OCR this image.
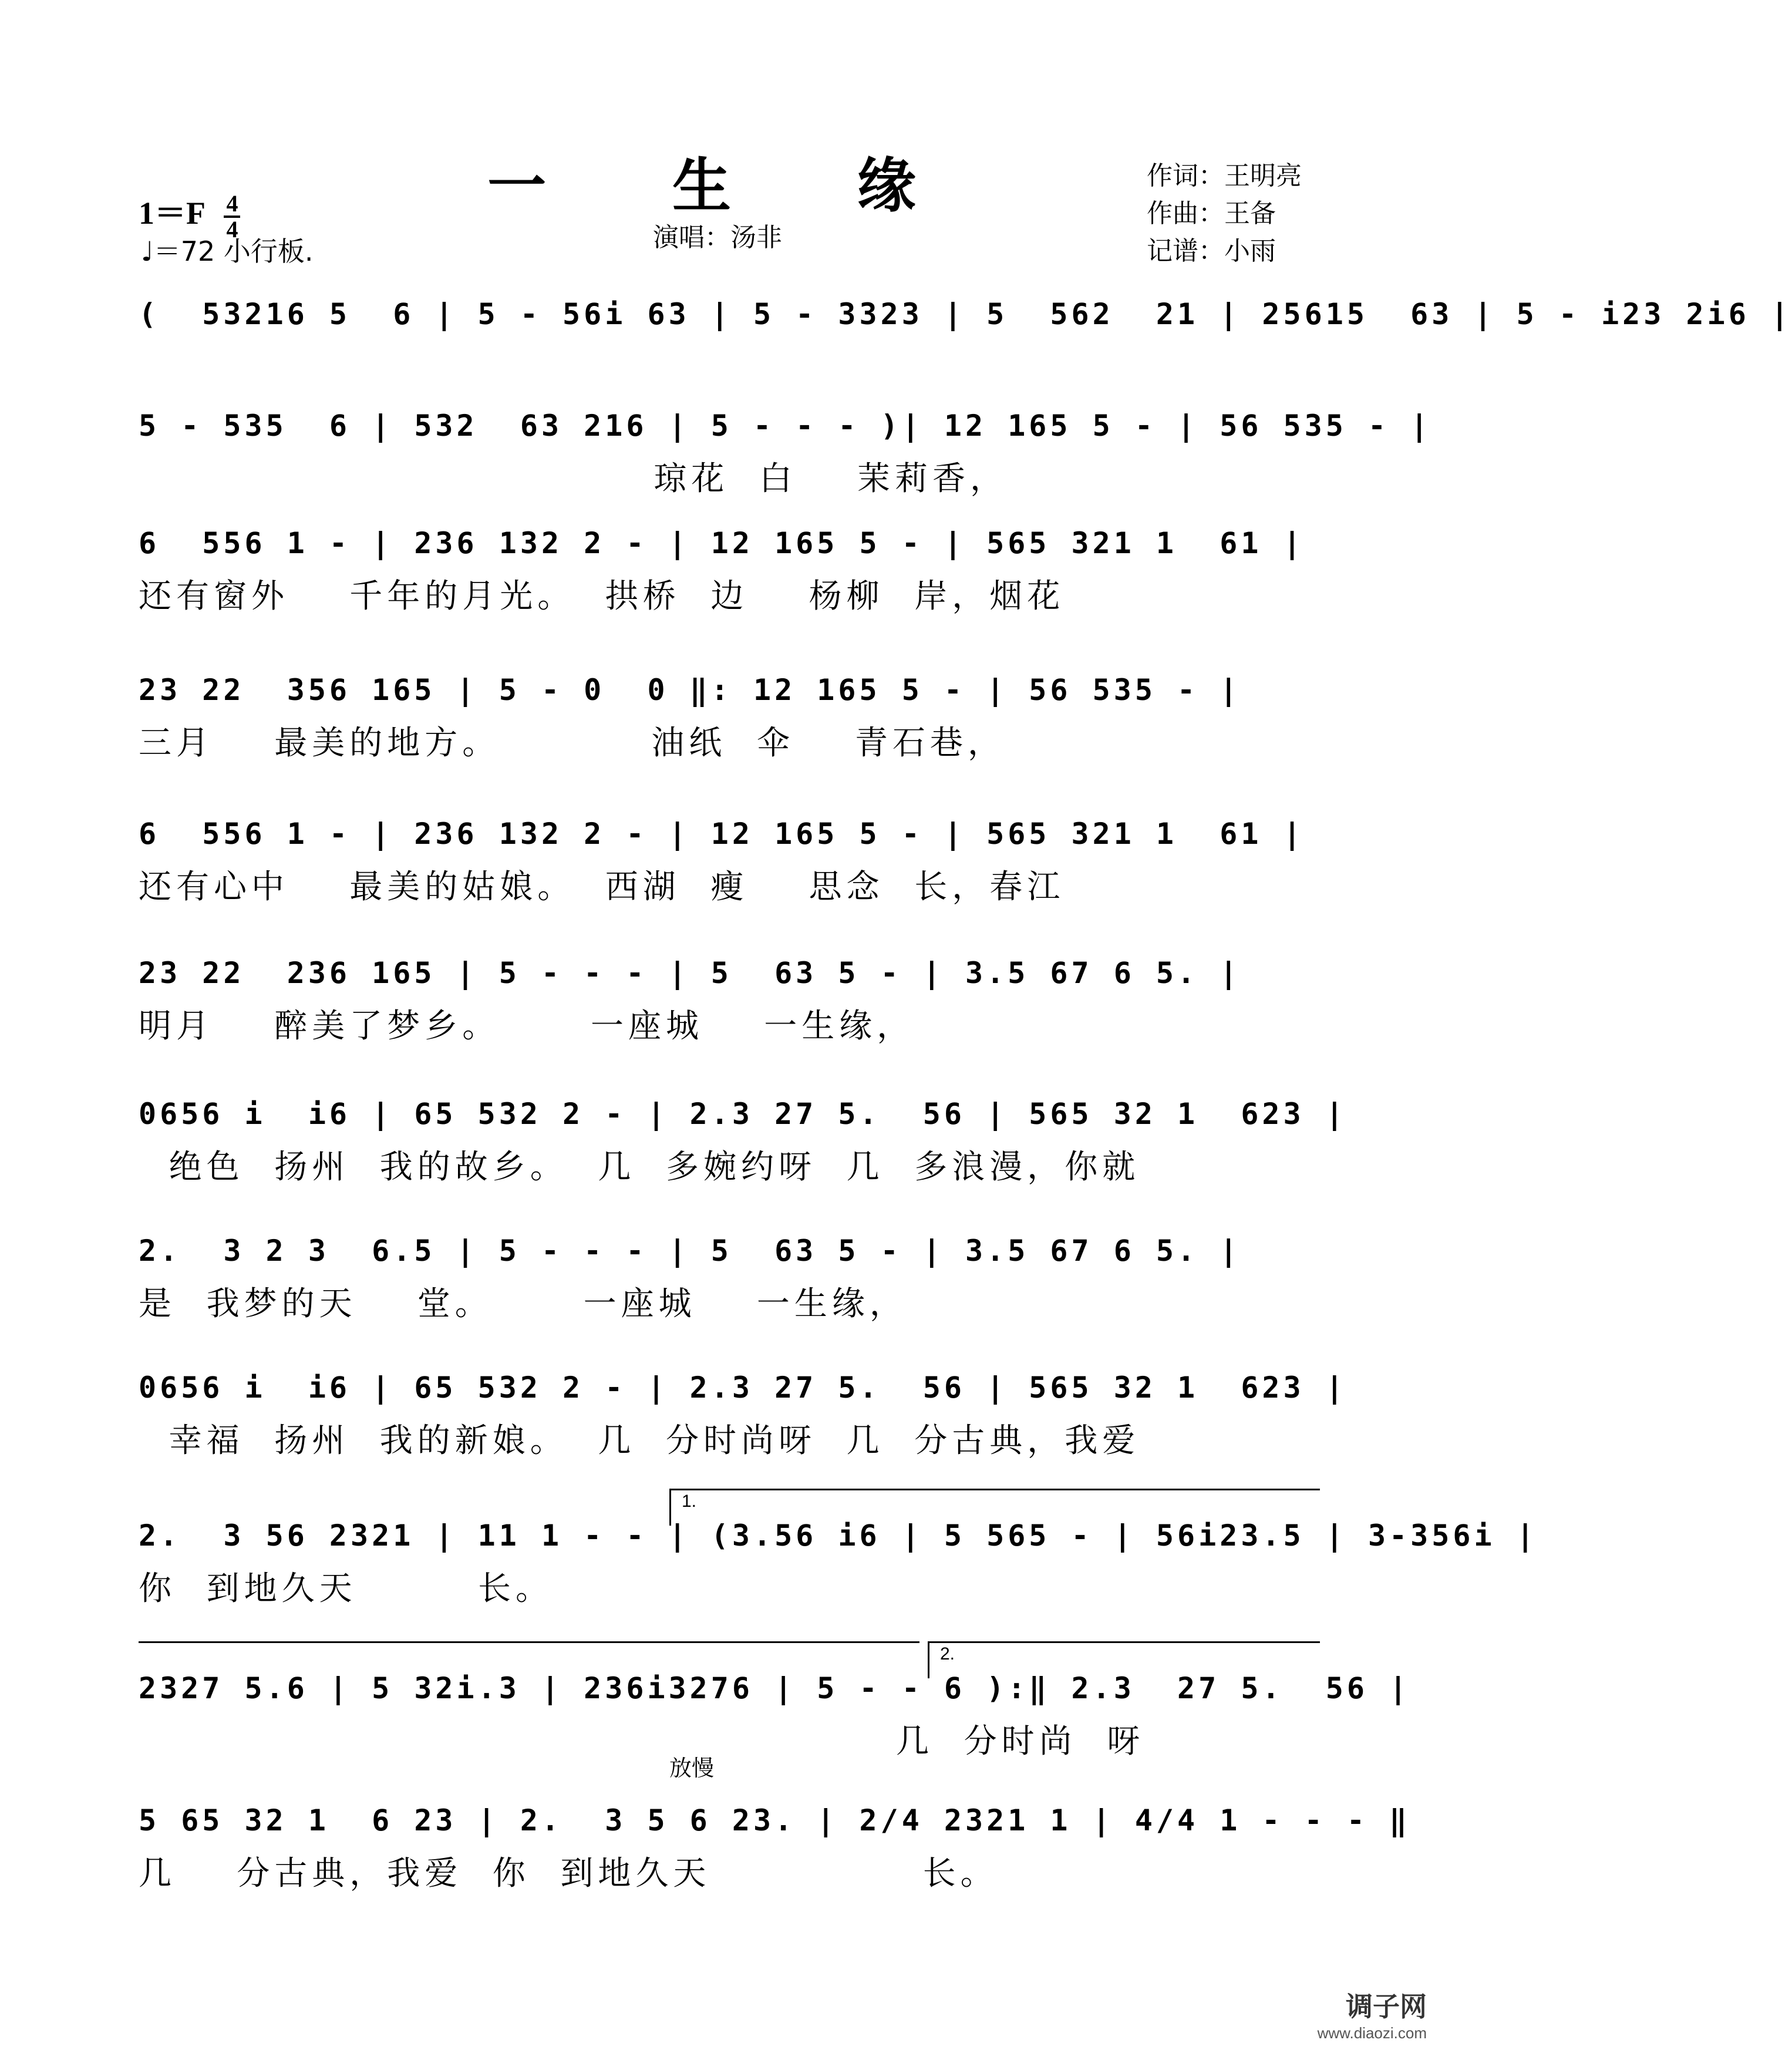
一 生 缘
演唱：汤非
作词：王明亮
作曲：王备
记谱：小雨
$1=F \frac{4}{4}$
♩＝72 小行板.
(  53216 5  6 | 5 - 56i 63 | 5 - 3323 | 5  562  21 | 25615  63 | 5 - i23 2i6 |
5 - 535  6 | 532  63 216 | 5 - - - )| 12 165 5 - | 56 535 - |
琼花  白    茉莉香，
6  556 1 - | 236 132 2 - | 12 165 5 - | 565 321 1  61 |
还有窗外    千年的月光。  拱桥  边    杨柳  岸，烟花
23 22  356 165 | 5 - 0  0 ‖: 12 165 5 - | 56 535 - |
三月    最美的地方。          油纸  伞    青石巷，
6  556 1 - | 236 132 2 - | 12 165 5 - | 565 321 1  61 |
还有心中    最美的姑娘。  西湖  瘦    思念  长，春江
23 22  236 165 | 5 - - - | 5  63 5 - | 3.5 67 6 5. |
明月    醉美了梦乡。      一座城    一生缘，
0656 i  i6 | 65 532 2 - | 2.3 27 5.  56 | 565 32 1  623 |
绝色  扬州  我的故乡。  几  多婉约呀  几  多浪漫，你就
2.  3 2 3  6.5 | 5 - - - | 5  63 5 - | 3.5 67 6 5. |
是  我梦的天    堂。      一座城    一生缘，
0656 i  i6 | 65 532 2 - | 2.3 27 5.  56 | 565 32 1  623 |
幸福  扬州  我的新娘。  几  分时尚呀  几  分古典，我爱
1.
2.  3 56 2321 | 11 1 - - | (3.56 i6 | 5 565 - | 56i23.5 | 3-356i |
你  到地久天        长。
2.
2327 5.6 | 5 32i.3 | 236i3276 | 5 - - 6 ):‖ 2.3  27 5.  56 |
几  分时尚  呀
放慢
5 65 32 1  6 23 | 2.  3 5 6 23. | 2/4 2321 1 | 4/4 1 - - - ‖
几    分古典，我爱  你  到地久天              长。
调子网
www.diaozi.com
